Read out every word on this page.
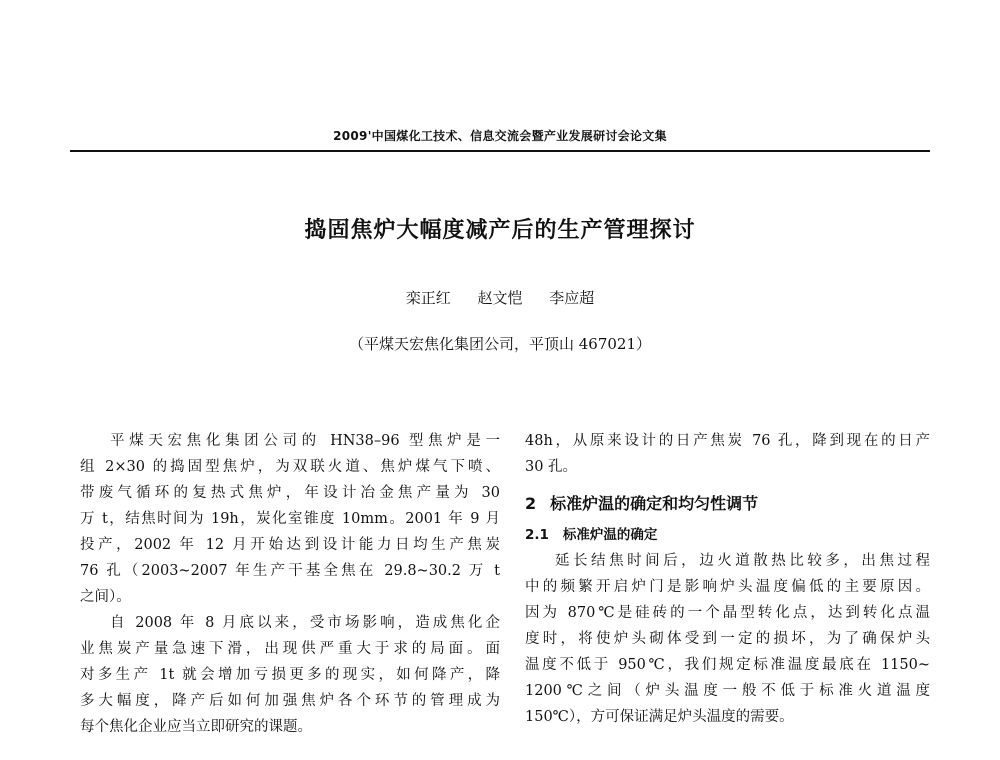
2009'中国煤化工技术、信息交流会暨产业发展研讨会论文集
捣固焦炉大幅度减产后的生产管理探讨
栾正红 赵文恺 李应超
（平煤天宏焦化集团公司，平顶山 467021）
平煤天宏焦化集团公司的 HN38–96 型焦炉是一
组 2×30 的捣固型焦炉，为双联火道、焦炉煤气下喷、
带废气循环的复热式焦炉，年设计冶金焦产量为 30
万 t，结焦时间为 19h，炭化室锥度 10mm。2001 年 9 月
投产，2002 年 12 月开始达到设计能力日均生产焦炭
76 孔（2003~2007 年生产干基全焦在 29.8~30.2 万 t
之间）。
自 2008 年 8 月底以来，受市场影响，造成焦化企
业焦炭产量急速下滑，出现供严重大于求的局面。面
对多生产 1t 就会增加亏损更多的现实，如何降产，降
多大幅度，降产后如何加强焦炉各个环节的管理成为
每个焦化企业应当立即研究的课题。
48h，从原来设计的日产焦炭 76 孔，降到现在的日产
30 孔。
2 标准炉温的确定和均匀性调节
2.1 标准炉温的确定
延长结焦时间后，边火道散热比较多，出焦过程
中的频繁开启炉门是影响炉头温度偏低的主要原因。
因为 870℃是硅砖的一个晶型转化点，达到转化点温
度时，将使炉头砌体受到一定的损坏，为了确保炉头
温度不低于 950℃，我们规定标准温度最底在 1150~
1200℃之间（炉头温度一般不低于标准火道温度
150℃），方可保证满足炉头温度的需要。
